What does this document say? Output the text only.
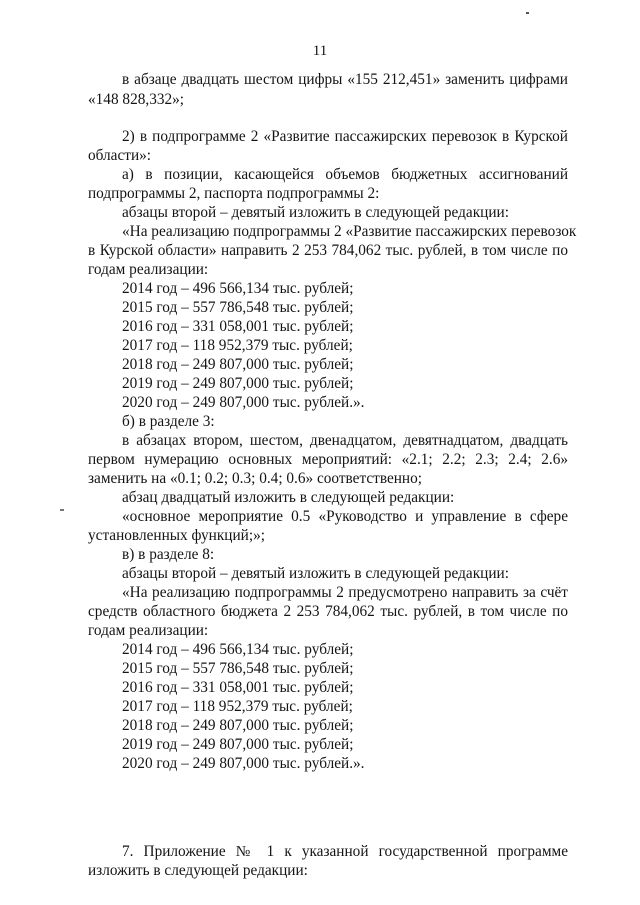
11
в абзаце двадцать шестом цифры «155 212,451» заменить цифрами
«148 828,332»;
2) в подпрограмме 2 «Развитие пассажирских перевозок в Курской
области»:
а) в позиции, касающейся объемов бюджетных ассигнований
подпрограммы 2, паспорта подпрограммы 2:
абзацы второй – девятый изложить в следующей редакции:
«На реализацию подпрограммы 2 «Развитие пассажирских перевозок
в Курской области» направить 2 253 784,062 тыс. рублей, в том числе по
годам реализации:
2014 год – 496 566,134 тыс. рублей;
2015 год – 557 786,548 тыс. рублей;
2016 год – 331 058,001 тыс. рублей;
2017 год – 118 952,379 тыс. рублей;
2018 год – 249 807,000 тыс. рублей;
2019 год – 249 807,000 тыс. рублей;
2020 год – 249 807,000 тыс. рублей.».
б) в разделе 3:
в абзацах втором, шестом, двенадцатом, девятнадцатом, двадцать
первом нумерацию основных мероприятий: «2.1; 2.2; 2.3; 2.4; 2.6»
заменить на «0.1; 0.2; 0.3; 0.4; 0.6» соответственно;
абзац двадцатый изложить в следующей редакции:
«основное мероприятие 0.5 «Руководство и управление в сфере
установленных функций;»;
в) в разделе 8:
абзацы второй – девятый изложить в следующей редакции:
«На реализацию подпрограммы 2 предусмотрено направить за счёт
средств областного бюджета 2 253 784,062 тыс. рублей, в том числе по
годам реализации:
2014 год – 496 566,134 тыс. рублей;
2015 год – 557 786,548 тыс. рублей;
2016 год – 331 058,001 тыс. рублей;
2017 год – 118 952,379 тыс. рублей;
2018 год – 249 807,000 тыс. рублей;
2019 год – 249 807,000 тыс. рублей;
2020 год – 249 807,000 тыс. рублей.».
7. Приложение № 1 к указанной государственной программе
изложить в следующей редакции:
